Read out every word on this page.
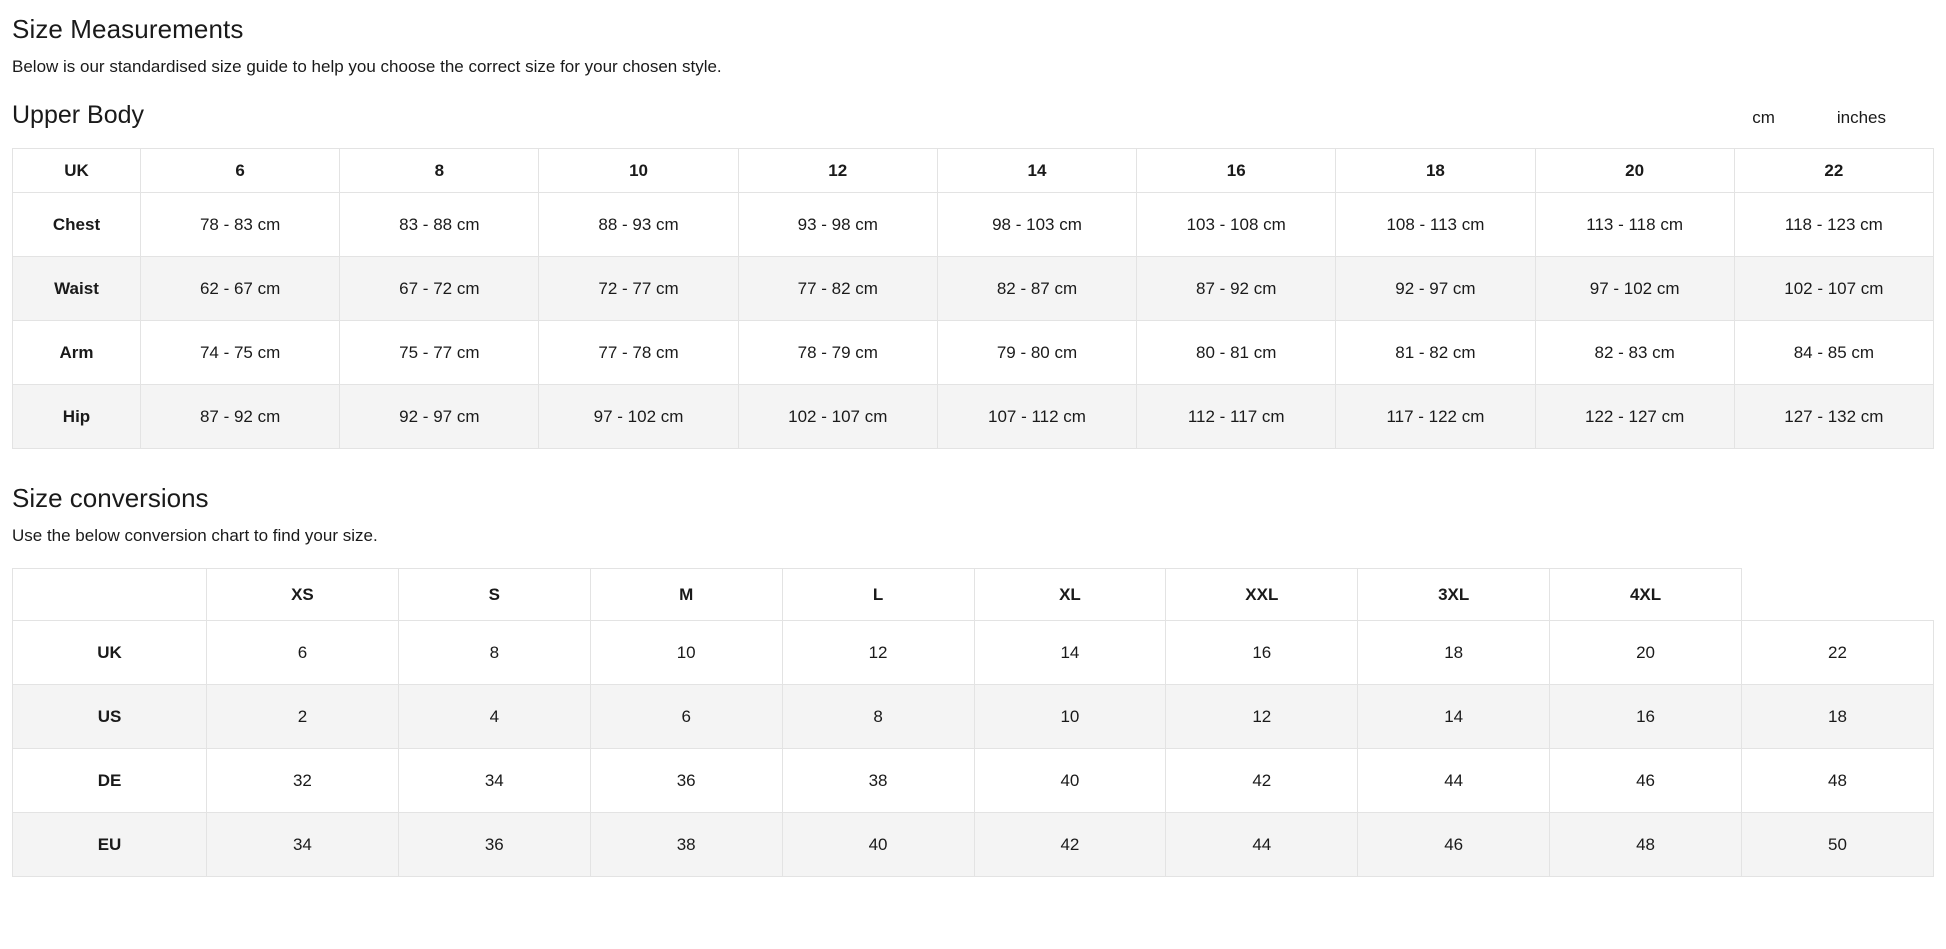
Size Measurements

Below is our standardised size guide to help you choose the correct size for your chosen style.

Upper Body	cm	inches
UK	6	8	10	12	14	16	18	20	22
Chest	78 - 83 cm	83 - 88 cm	88 - 93 cm	93 - 98 cm	98 - 103 cm	103 - 108 cm	108 - 113 cm	113 - 118 cm	118 - 123 cm
Waist	62 - 67 cm	67 - 72 cm	72 - 77 cm	77 - 82 cm	82 - 87 cm	87 - 92 cm	92 - 97 cm	97 - 102 cm	102 - 107 cm
Arm	74 - 75 cm	75 - 77 cm	77 - 78 cm	78 - 79 cm	79 - 80 cm	80 - 81 cm	81 - 82 cm	82 - 83 cm	84 - 85 cm
Hip	87 - 92 cm	92 - 97 cm	97 - 102 cm	102 - 107 cm	107 - 112 cm	112 - 117 cm	117 - 122 cm	122 - 127 cm	127 - 132 cm
Size conversions

Use the below conversion chart to find your size.

	XS	S	M	L	XL	XXL	3XL	4XL	
UK	6	8	10	12	14	16	18	20	22
US	2	4	6	8	10	12	14	16	18
DE	32	34	36	38	40	42	44	46	48
EU	34	36	38	40	42	44	46	48	50
